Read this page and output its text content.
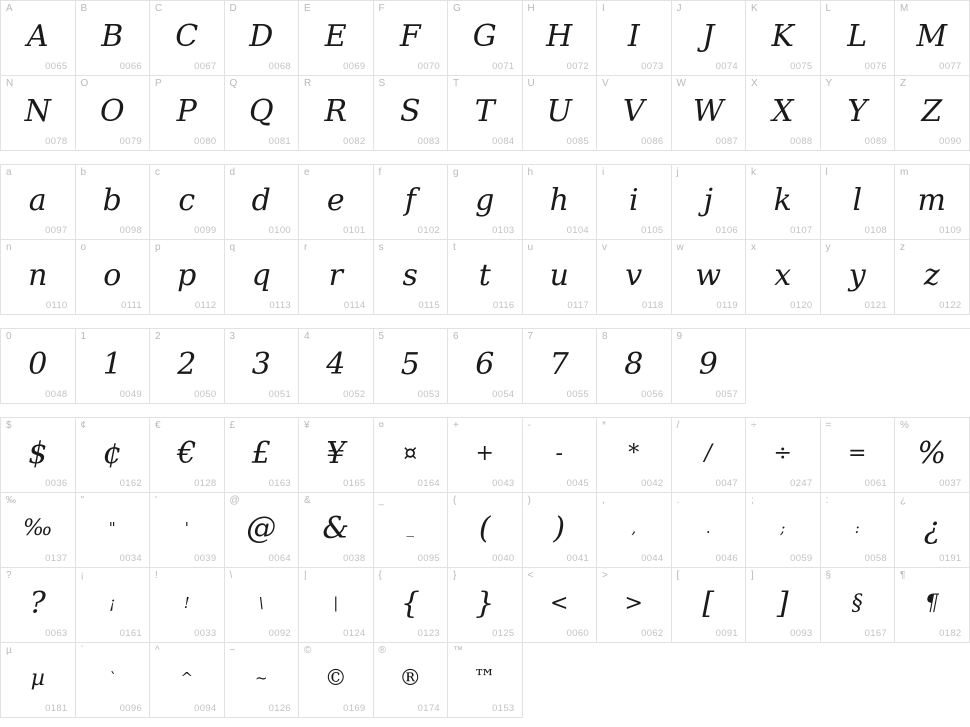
A
A
0065
B
B
0066
C
C
0067
D
D
0068
E
E
0069
F
F
0070
G
G
0071
H
H
0072
I
I
0073
J
J
0074
K
K
0075
L
L
0076
M
M
0077
N
N
0078
O
O
0079
P
P
0080
Q
Q
0081
R
R
0082
S
S
0083
T
T
0084
U
U
0085
V
V
0086
W
W
0087
X
X
0088
Y
Y
0089
Z
Z
0090
a
a
0097
b
b
0098
c
c
0099
d
d
0100
e
e
0101
f
f
0102
g
g
0103
h
h
0104
i
i
0105
j
j
0106
k
k
0107
l
l
0108
m
m
0109
n
n
0110
o
o
0111
p
p
0112
q
q
0113
r
r
0114
s
s
0115
t
t
0116
u
u
0117
v
v
0118
w
w
0119
x
x
0120
y
y
0121
z
z
0122
0
0
0048
1
1
0049
2
2
0050
3
3
0051
4
4
0052
5
5
0053
6
6
0054
7
7
0055
8
8
0056
9
9
0057
$
$
0036
¢
¢
0162
€
€
0128
£
£
0163
¥
¥
0165
¤
¤
0164
+
+
0043
-
-
0045
*
*
0042
/
/
0047
÷
÷
0247
=
=
0061
%
%
0037
‰
‰
0137
"
"
0034
'
'
0039
@
@
0064
&
&
0038
_
_
0095
(
(
0040
)
)
0041
,
,
0044
.
.
0046
;
;
0059
:
:
0058
¿
¿
0191
?
?
0063
¡
¡
0161
!
!
0033
\
\
0092
|
|
0124
{
{
0123
}
}
0125
<
<
0060
>
>
0062
[
[
0091
]
]
0093
§
§
0167
¶
¶
0182
µ
µ
0181
`
`
0096
^
^
0094
~
~
0126
©
©
0169
®
®
0174
™
™
0153
